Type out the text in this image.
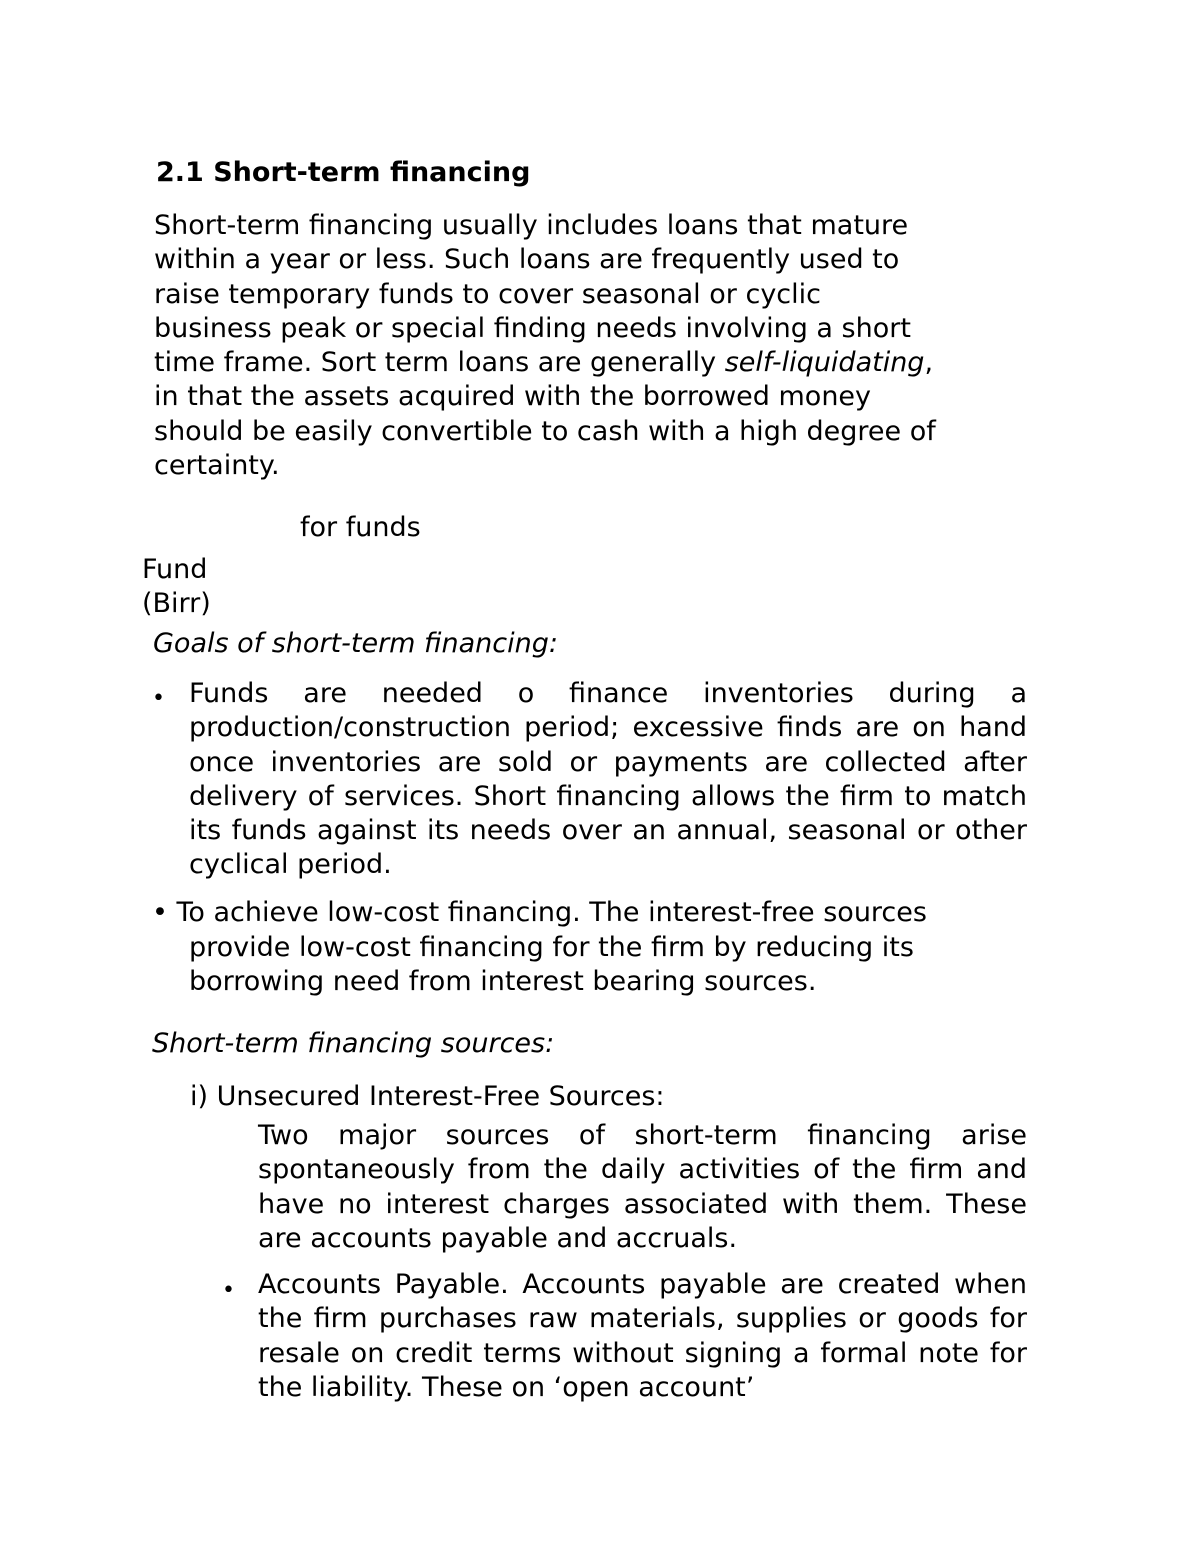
2.1 Short-term financing
Short-term financing usually includes loans that mature
within a year or less. Such loans are frequently used to
raise temporary funds to cover seasonal or cyclic
business peak or special finding needs involving a short
time frame. Sort term loans are generally self-liquidating,
in that the assets acquired with the borrowed money
should be easily convertible to cash with a high degree of
certainty.
for funds
Fund
(Birr)
Goals of short-term financing:
• Funds are needed o finance inventories during a production/construction period; excessive finds are on hand once inventories are sold or payments are collected after delivery of services. Short financing allows the firm to match its funds against its needs over an annual, seasonal or other cyclical period.
• To achieve low-cost financing. The interest-free sources
provide low-cost financing for the firm by reducing its
borrowing need from interest bearing sources.
Short-term financing sources:
i) Unsecured Interest-Free Sources:
Two major sources of short-term financing arise spontaneously from the daily activities of the firm and have no interest charges associated with them. These are accounts payable and accruals.
• Accounts Payable. Accounts payable are created when the firm purchases raw materials, supplies or goods for resale on credit terms without signing a formal note for the liability. These on ‘open account’
